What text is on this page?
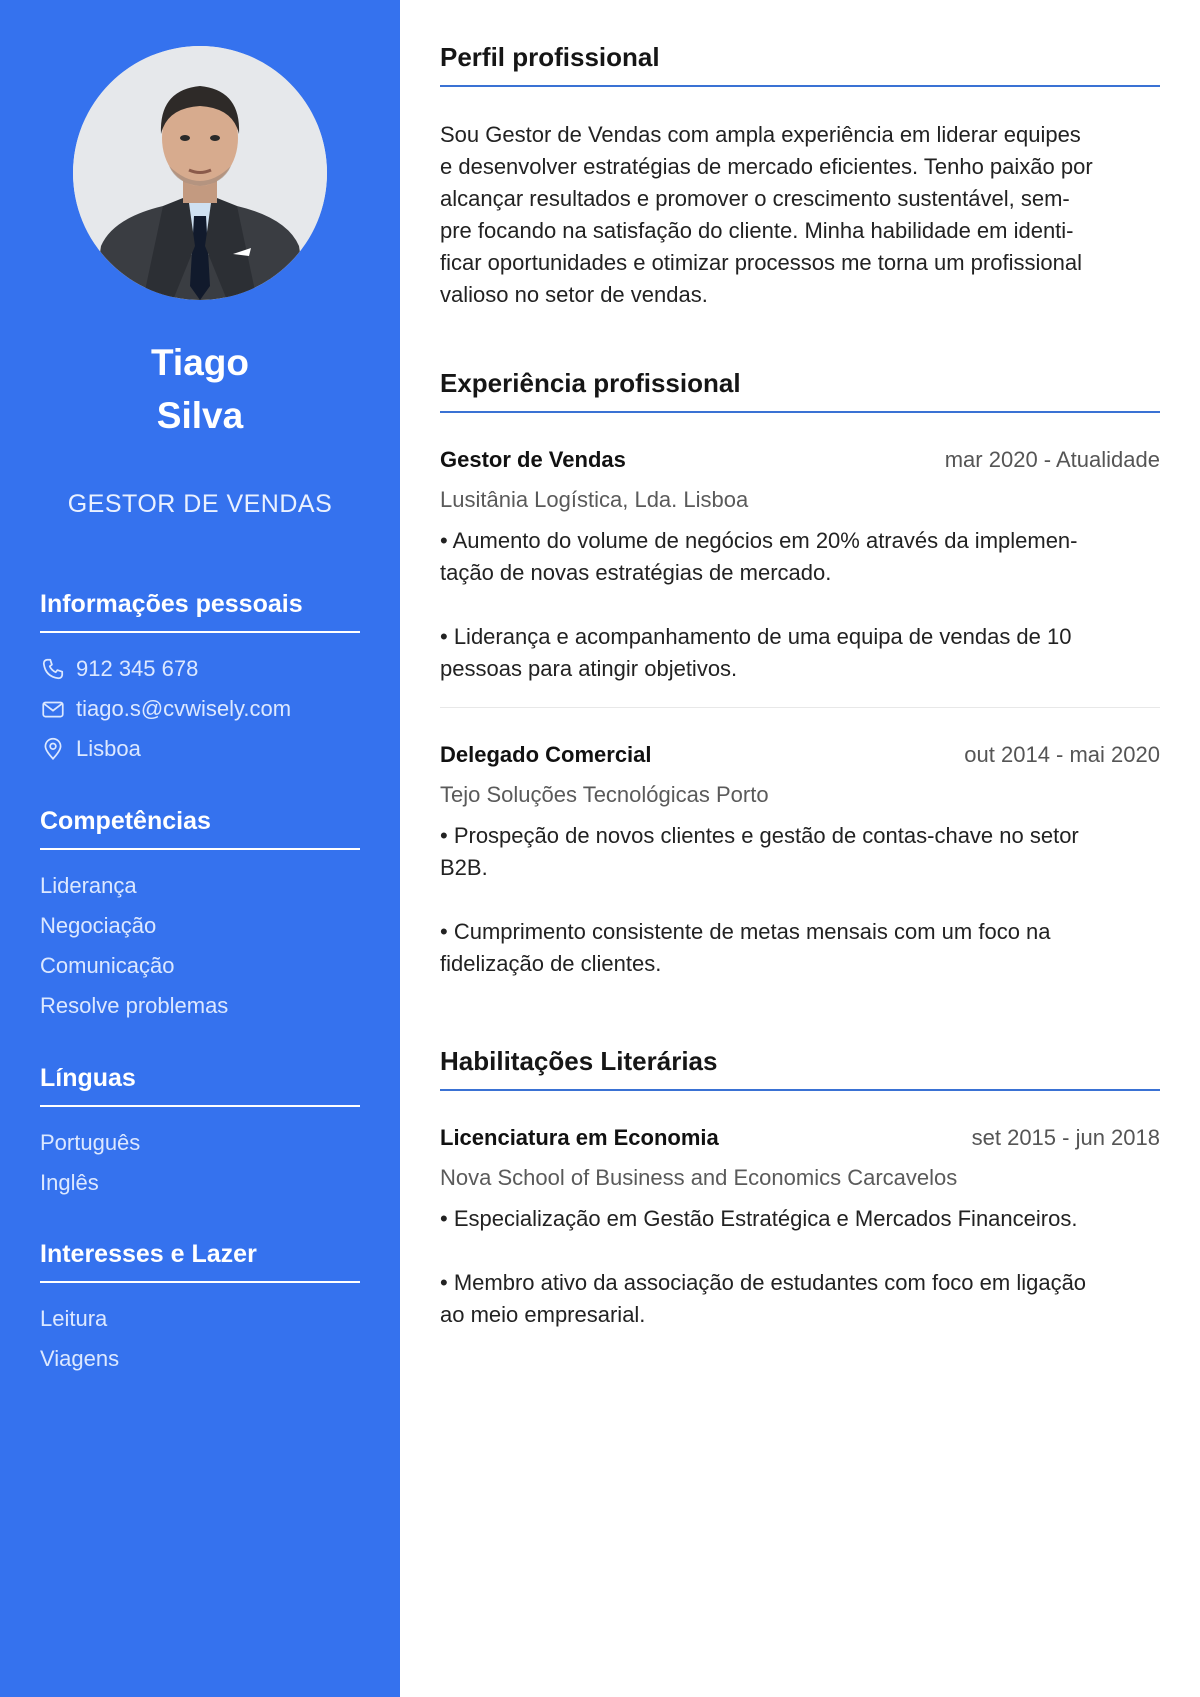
Tiago
Silva
GESTOR DE VENDAS
Informações pessoais
912 345 678
tiago.s@cvwisely.com
Lisboa
Competências
Liderança
Negociação
Comunicação
Resolve problemas
Línguas
Português
Inglês
Interesses e Lazer
Leitura
Viagens
Perfil profissional
Sou Gestor de Vendas com ampla experiência em liderar equipes
e desenvolver estratégias de mercado eficientes. Tenho paixão por
alcançar resultados e promover o crescimento sustentável, sem-
pre focando na satisfação do cliente. Minha habilidade em identi-
ficar oportunidades e otimizar processos me torna um profissional
valioso no setor de vendas.
Experiência profissional
Gestor de Vendas	mar 2020 - Atualidade
Lusitânia Logística, Lda. Lisboa
• Aumento do volume de negócios em 20% através da implemen-
tação de novas estratégias de mercado.
• Liderança e acompanhamento de uma equipa de vendas de 10
pessoas para atingir objetivos.
Delegado Comercial	out 2014 - mai 2020
Tejo Soluções Tecnológicas Porto
• Prospeção de novos clientes e gestão de contas-chave no setor
B2B.
• Cumprimento consistente de metas mensais com um foco na
fidelização de clientes.
Habilitações Literárias
Licenciatura em Economia	set 2015 - jun 2018
Nova School of Business and Economics Carcavelos
• Especialização em Gestão Estratégica e Mercados Financeiros.
• Membro ativo da associação de estudantes com foco em ligação
ao meio empresarial.
